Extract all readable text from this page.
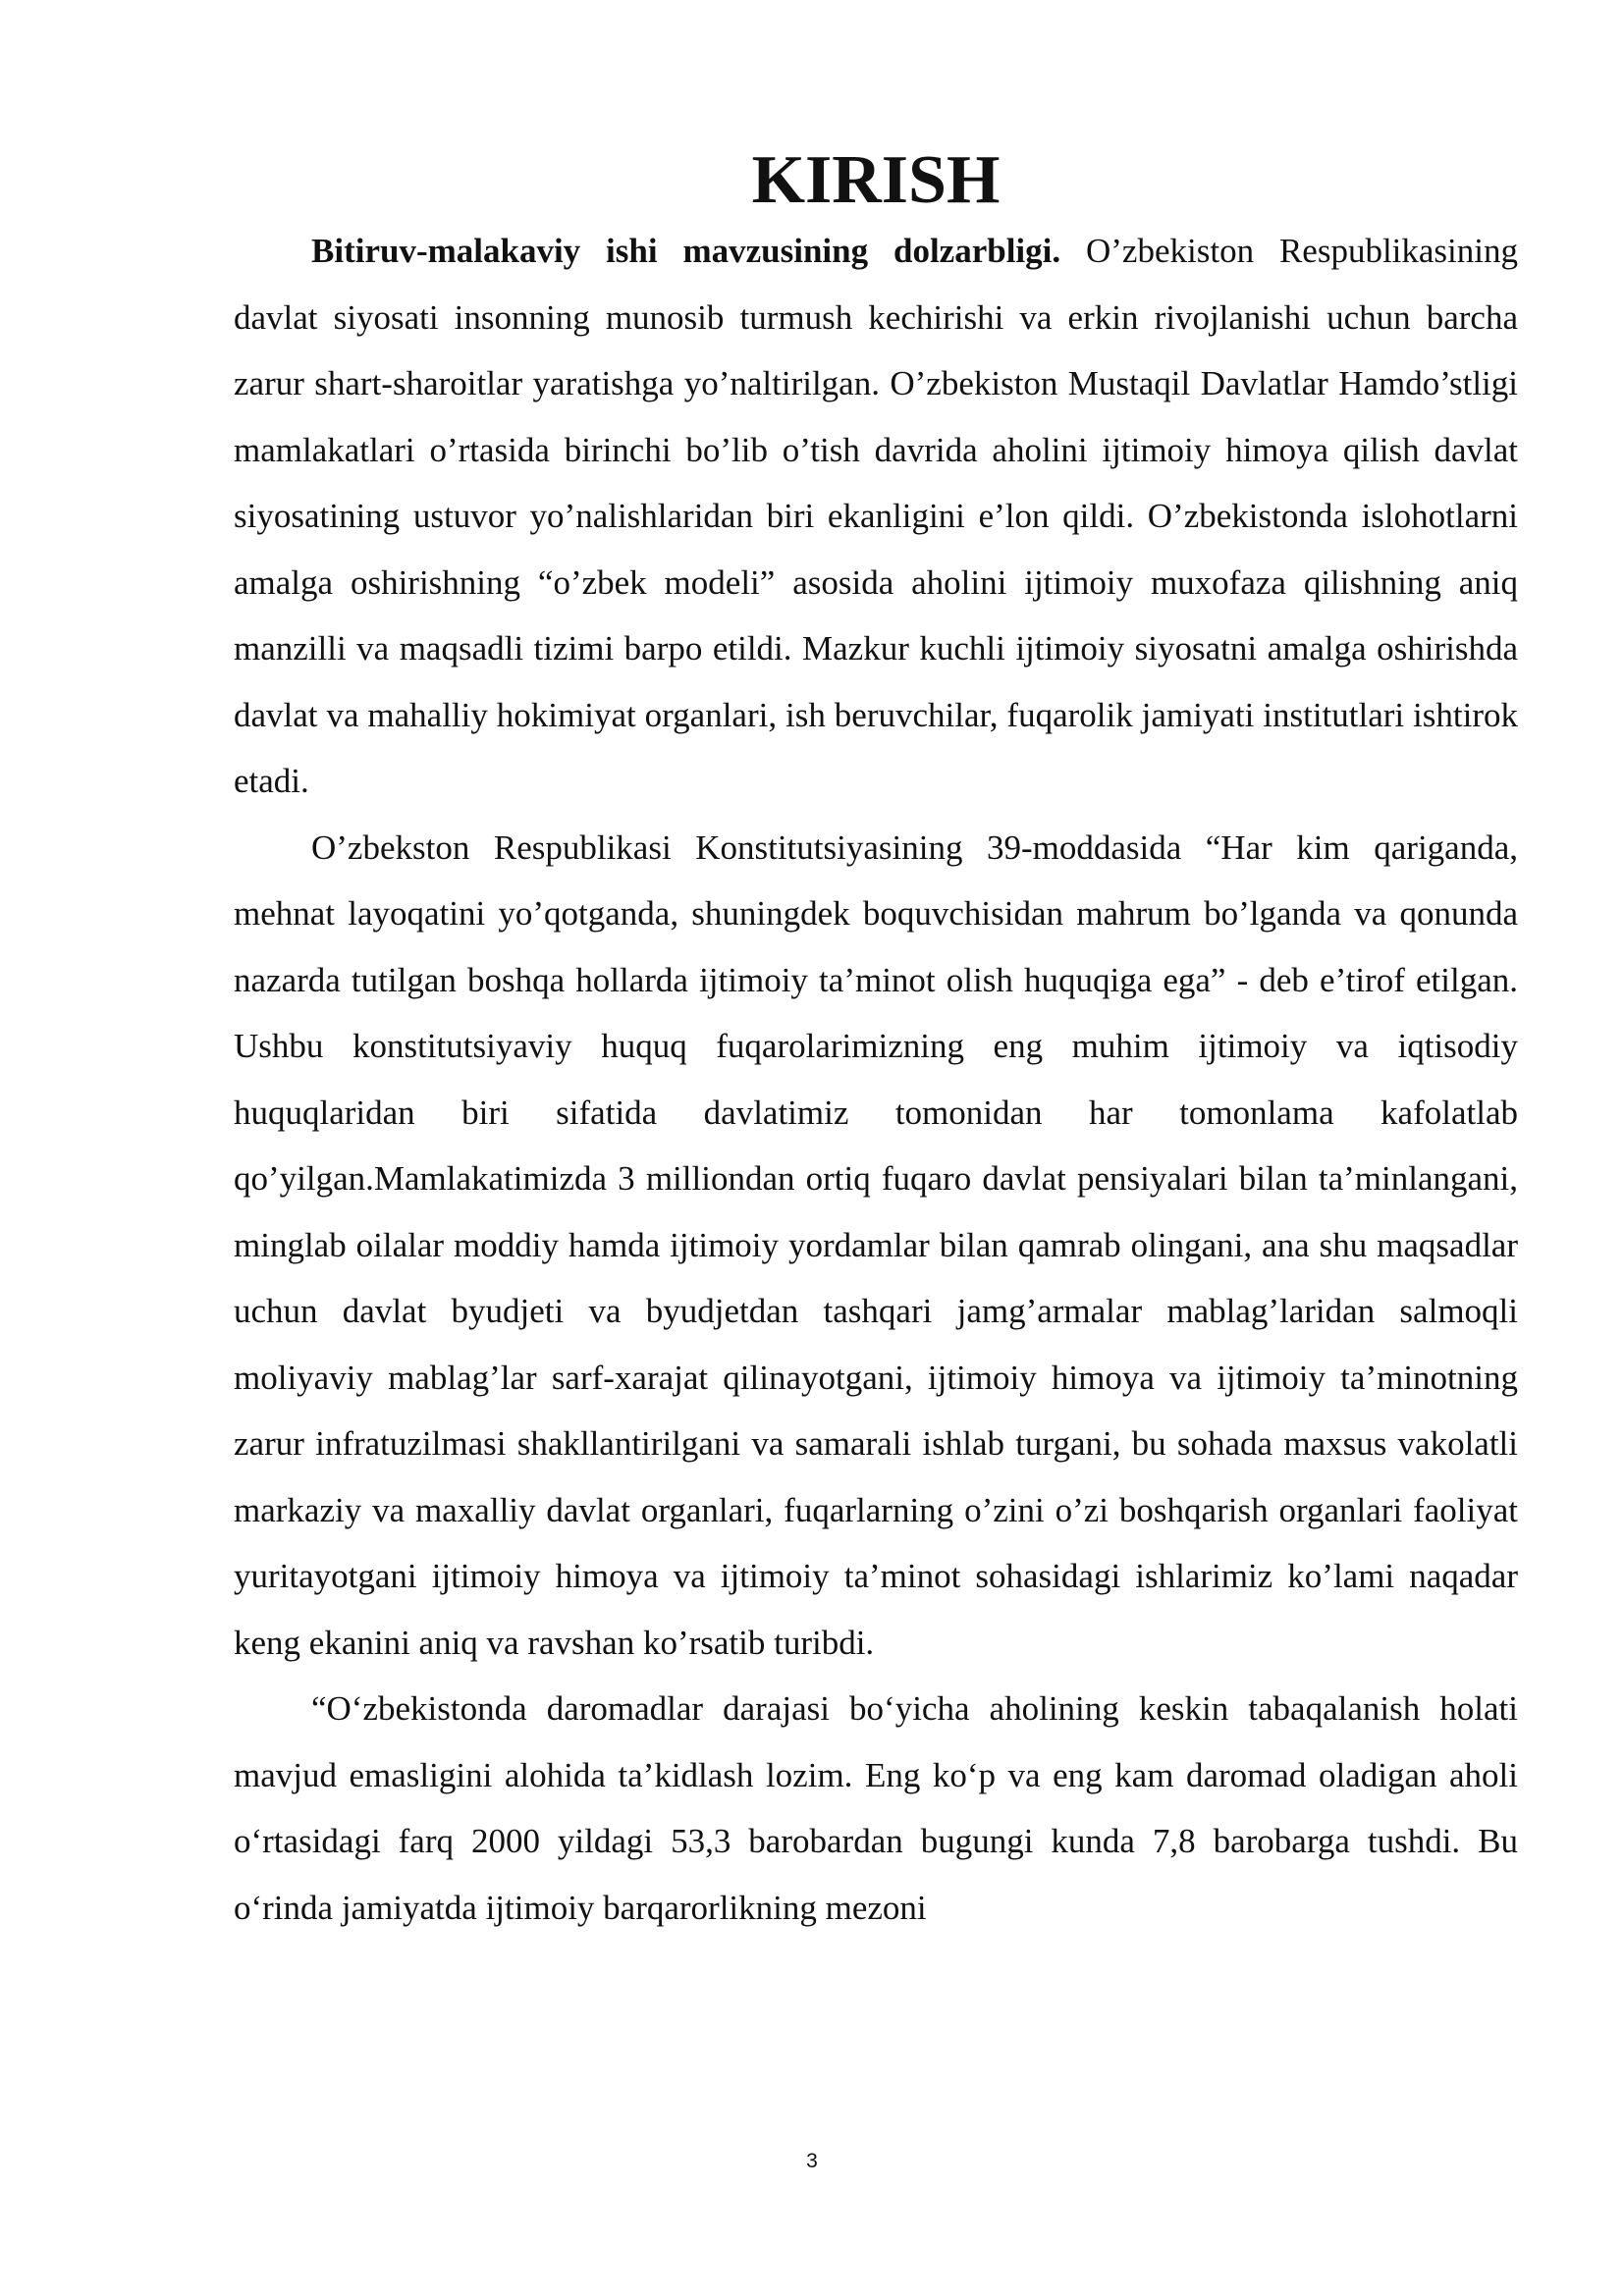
KIRISH

Bitiruv-malakaviy ishi mavzusining dolzarbligi. O’zbekiston Respublikasining davlat siyosati insonning munosib turmush kechirishi va erkin rivojlanishi uchun barcha zarur shart-sharoitlar yaratishga yo’naltirilgan. O’zbekiston Mustaqil Davlatlar Hamdo’stligi mamlakatlari o’rtasida birinchi bo’lib o’tish davrida aholini ijtimoiy himoya qilish davlat siyosatining ustuvor yo’nalishlaridan biri ekanligini e’lon qildi. O’zbekistonda islohotlarni amalga oshirishning “o’zbek modeli” asosida aholini ijtimoiy muxofaza qilishning aniq manzilli va maqsadli tizimi barpo etildi. Mazkur kuchli ijtimoiy siyosatni amalga oshirishda davlat va mahalliy hokimiyat organlari, ish beruvchilar, fuqarolik jamiyati institutlari ishtirok etadi.

O’zbekston Respublikasi Konstitutsiyasining 39-moddasida “Har kim qariganda, mehnat layoqatini yo’qotganda, shuningdek boquvchisidan mahrum bo’lganda va qonunda nazarda tutilgan boshqa hollarda ijtimoiy ta’minot olish huquqiga ega” - deb e’tirof etilgan. Ushbu konstitutsiyaviy huquq fuqarolarimizning eng muhim ijtimoiy va iqtisodiy huquqlaridan biri sifatida davlatimiz tomonidan har tomonlama kafolatlab qo’yilgan.Mamlakatimizda 3 milliondan ortiq fuqaro davlat pensiyalari bilan ta’minlangani, minglab oilalar moddiy hamda ijtimoiy yordamlar bilan qamrab olingani, ana shu maqsadlar uchun davlat byudjeti va byudjetdan tashqari jamg’armalar mablag’laridan salmoqli moliyaviy mablag’lar sarf-xarajat qilinayotgani, ijtimoiy himoya va ijtimoiy ta’minotning zarur infratuzilmasi shakllantirilgani va samarali ishlab turgani, bu sohada maxsus vakolatli markaziy va maxalliy davlat organlari, fuqarlarning o’zini o’zi boshqarish organlari faoliyat yuritayotgani ijtimoiy himoya va ijtimoiy ta’minot sohasidagi ishlarimiz ko’lami naqadar keng ekanini aniq va ravshan ko’rsatib turibdi.

“O‘zbekistonda daromadlar darajasi bo‘yicha aholining keskin tabaqalanish holati mavjud emasligini alohida ta’kidlash lozim. Eng ko‘p va eng kam daromad oladigan aholi o‘rtasidagi farq 2000 yildagi 53,3 barobardan bugungi kunda 7,8 barobarga tushdi. Bu o‘rinda jamiyatda ijtimoiy barqarorlikning mezoni

3
